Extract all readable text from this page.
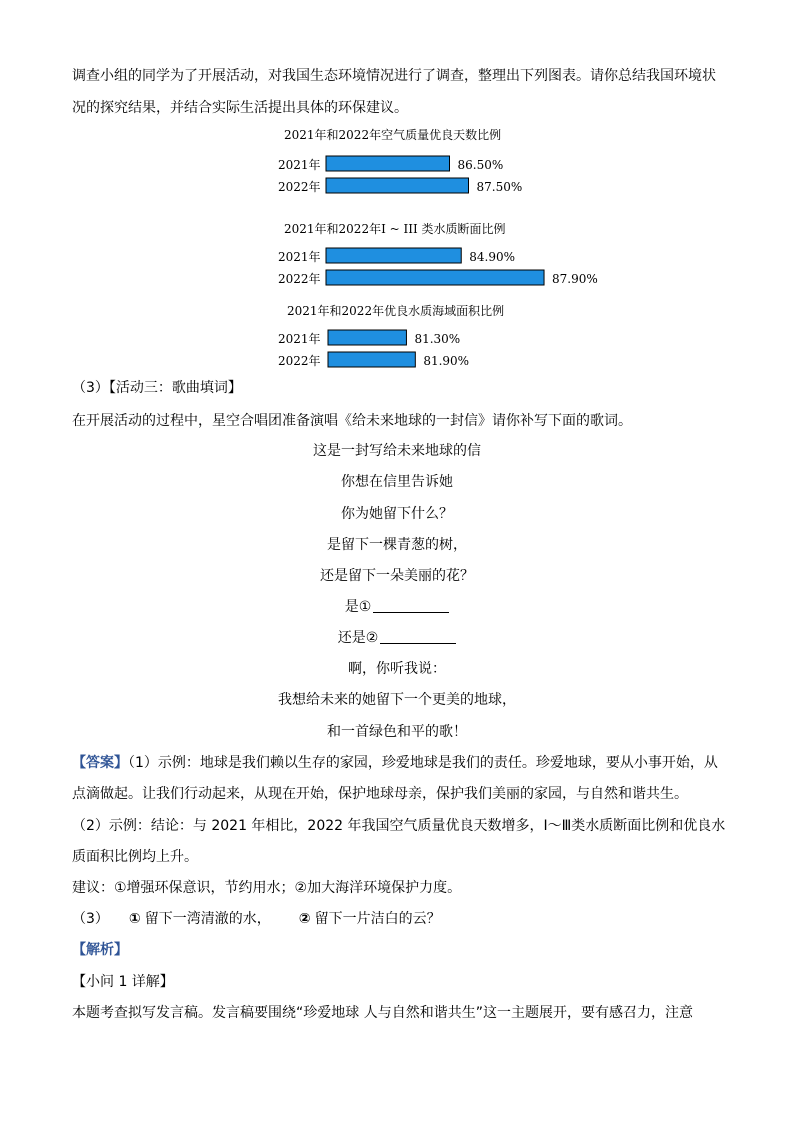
调查小组的同学为了开展活动，对我国生态环境情况进行了调查，整理出下列图表。请你总结我国环境状
况的探究结果，并结合实际生活提出具体的环保建议。
2021年和2022年空气质量优良天数比例
2021年	86.50%
2022年	87.50%
2021年和2022年I ~ III 类水质断面比例
2021年	84.90%
2022年	87.90%
2021年和2022年优良水质海域面积比例
2021年	81.30%
2022年	81.90%
（3）【活动三：歌曲填词】
在开展活动的过程中，星空合唱团准备演唱《给未来地球的一封信》请你补写下面的歌词。
这是一封写给未来地球的信
你想在信里告诉她
你为她留下什么？
是留下一棵青葱的树，
还是留下一朵美丽的花？
是①
还是②
啊，你听我说：
我想给未来的她留下一个更美的地球，
和一首绿色和平的歌！
【答案】（1）示例：地球是我们赖以生存的家园，珍爱地球是我们的责任。珍爱地球，要从小事开始，从
点滴做起。让我们行动起来，从现在开始，保护地球母亲，保护我们美丽的家园，与自然和谐共生。
（2）示例：结论：与 2021 年相比，2022 年我国空气质量优良天数增多，Ⅰ～Ⅲ类水质断面比例和优良水
质面积比例均上升。
建议：①增强环保意识，节约用水；②加大海洋环境保护力度。
（3） ① 留下一湾清澈的水， ② 留下一片洁白的云？
【解析】
【小问 1 详解】
本题考查拟写发言稿。发言稿要围绕“珍爱地球 人与自然和谐共生”这一主题展开，要有感召力，注意
